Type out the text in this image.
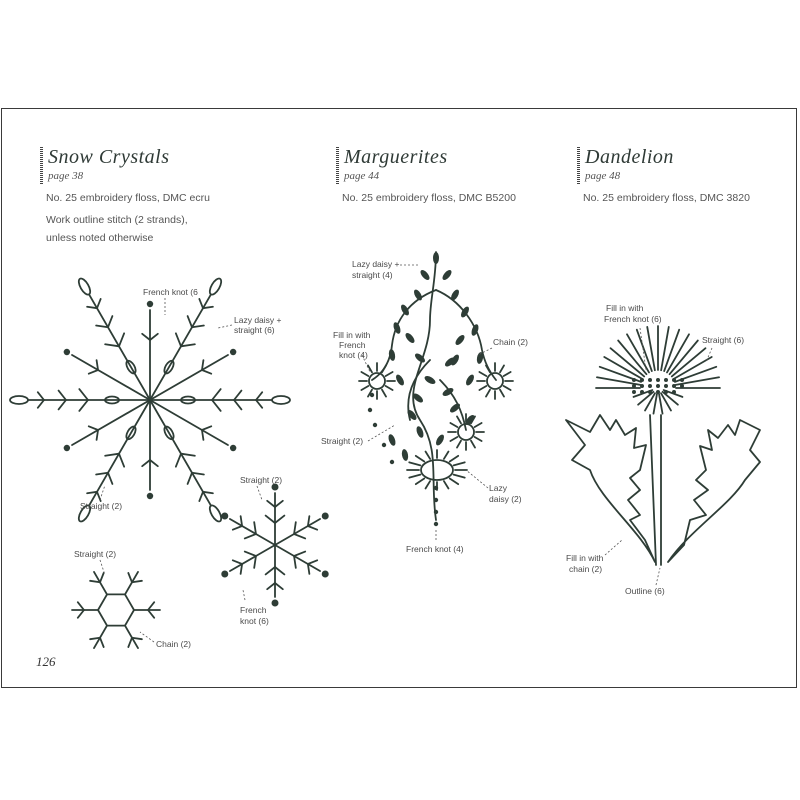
Snow Crystals
page 38
No. 25 embroidery floss, DMC ecru
Work outline stitch (2 strands),
unless noted otherwise
Marguerites
page 44
No. 25 embroidery floss, DMC B5200
Dandelion
page 48
No. 25 embroidery floss, DMC 3820
126
French knot (6
Lazy daisy +
straight (6)
Straight (2)
Straight (2)
French
knot (6)
Straight (2)
Chain (2)
Lazy daisy +
straight (4)
Fill in with
French
knot (4)
Chain (2)
Straight (2)
Lazy
daisy (2)
French knot (4)
Fill in with
French knot (6)
Straight (6)
Fill in with
chain (2)
Outline (6)
